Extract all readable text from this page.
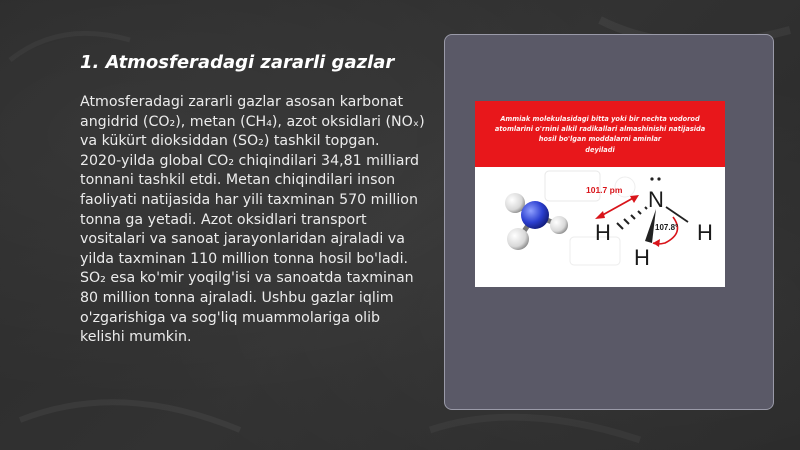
1. Atmosferadagi zararli gazlar
Atmosferadagi zararli gazlar asosan karbonat angidrid (CO₂), metan (CH₄), azot oksidlari (NOₓ) va kükürt dioksiddan (SO₂) tashkil topgan. 2020-yilda global CO₂ chiqindilari 34,81 milliard tonnani tashkil etdi. Metan chiqindilari inson faoliyati natijasida har yili taxminan 570 million tonna ga yetadi. Azot oksidlari transport vositalari va sanoat jarayonlaridan ajraladi va yilda taxminan 110 million tonna hosil bo'ladi. SO₂ esa ko'mir yoqilg'isi va sanoatda taxminan 80 million tonna ajraladi. Ushbu gazlar iqlim o'zgarishiga va sog'liq muammolariga olib kelishi mumkin.
Ammiak molekulasidagi bitta yoki bir nechta vodorod
atomlarini o'rnini alkil radikallari almashinishi natijasida
hosil bo'lgan moddalarni aminlar
deyiladi
N
H	H
H
101.7 pm
107.8°
